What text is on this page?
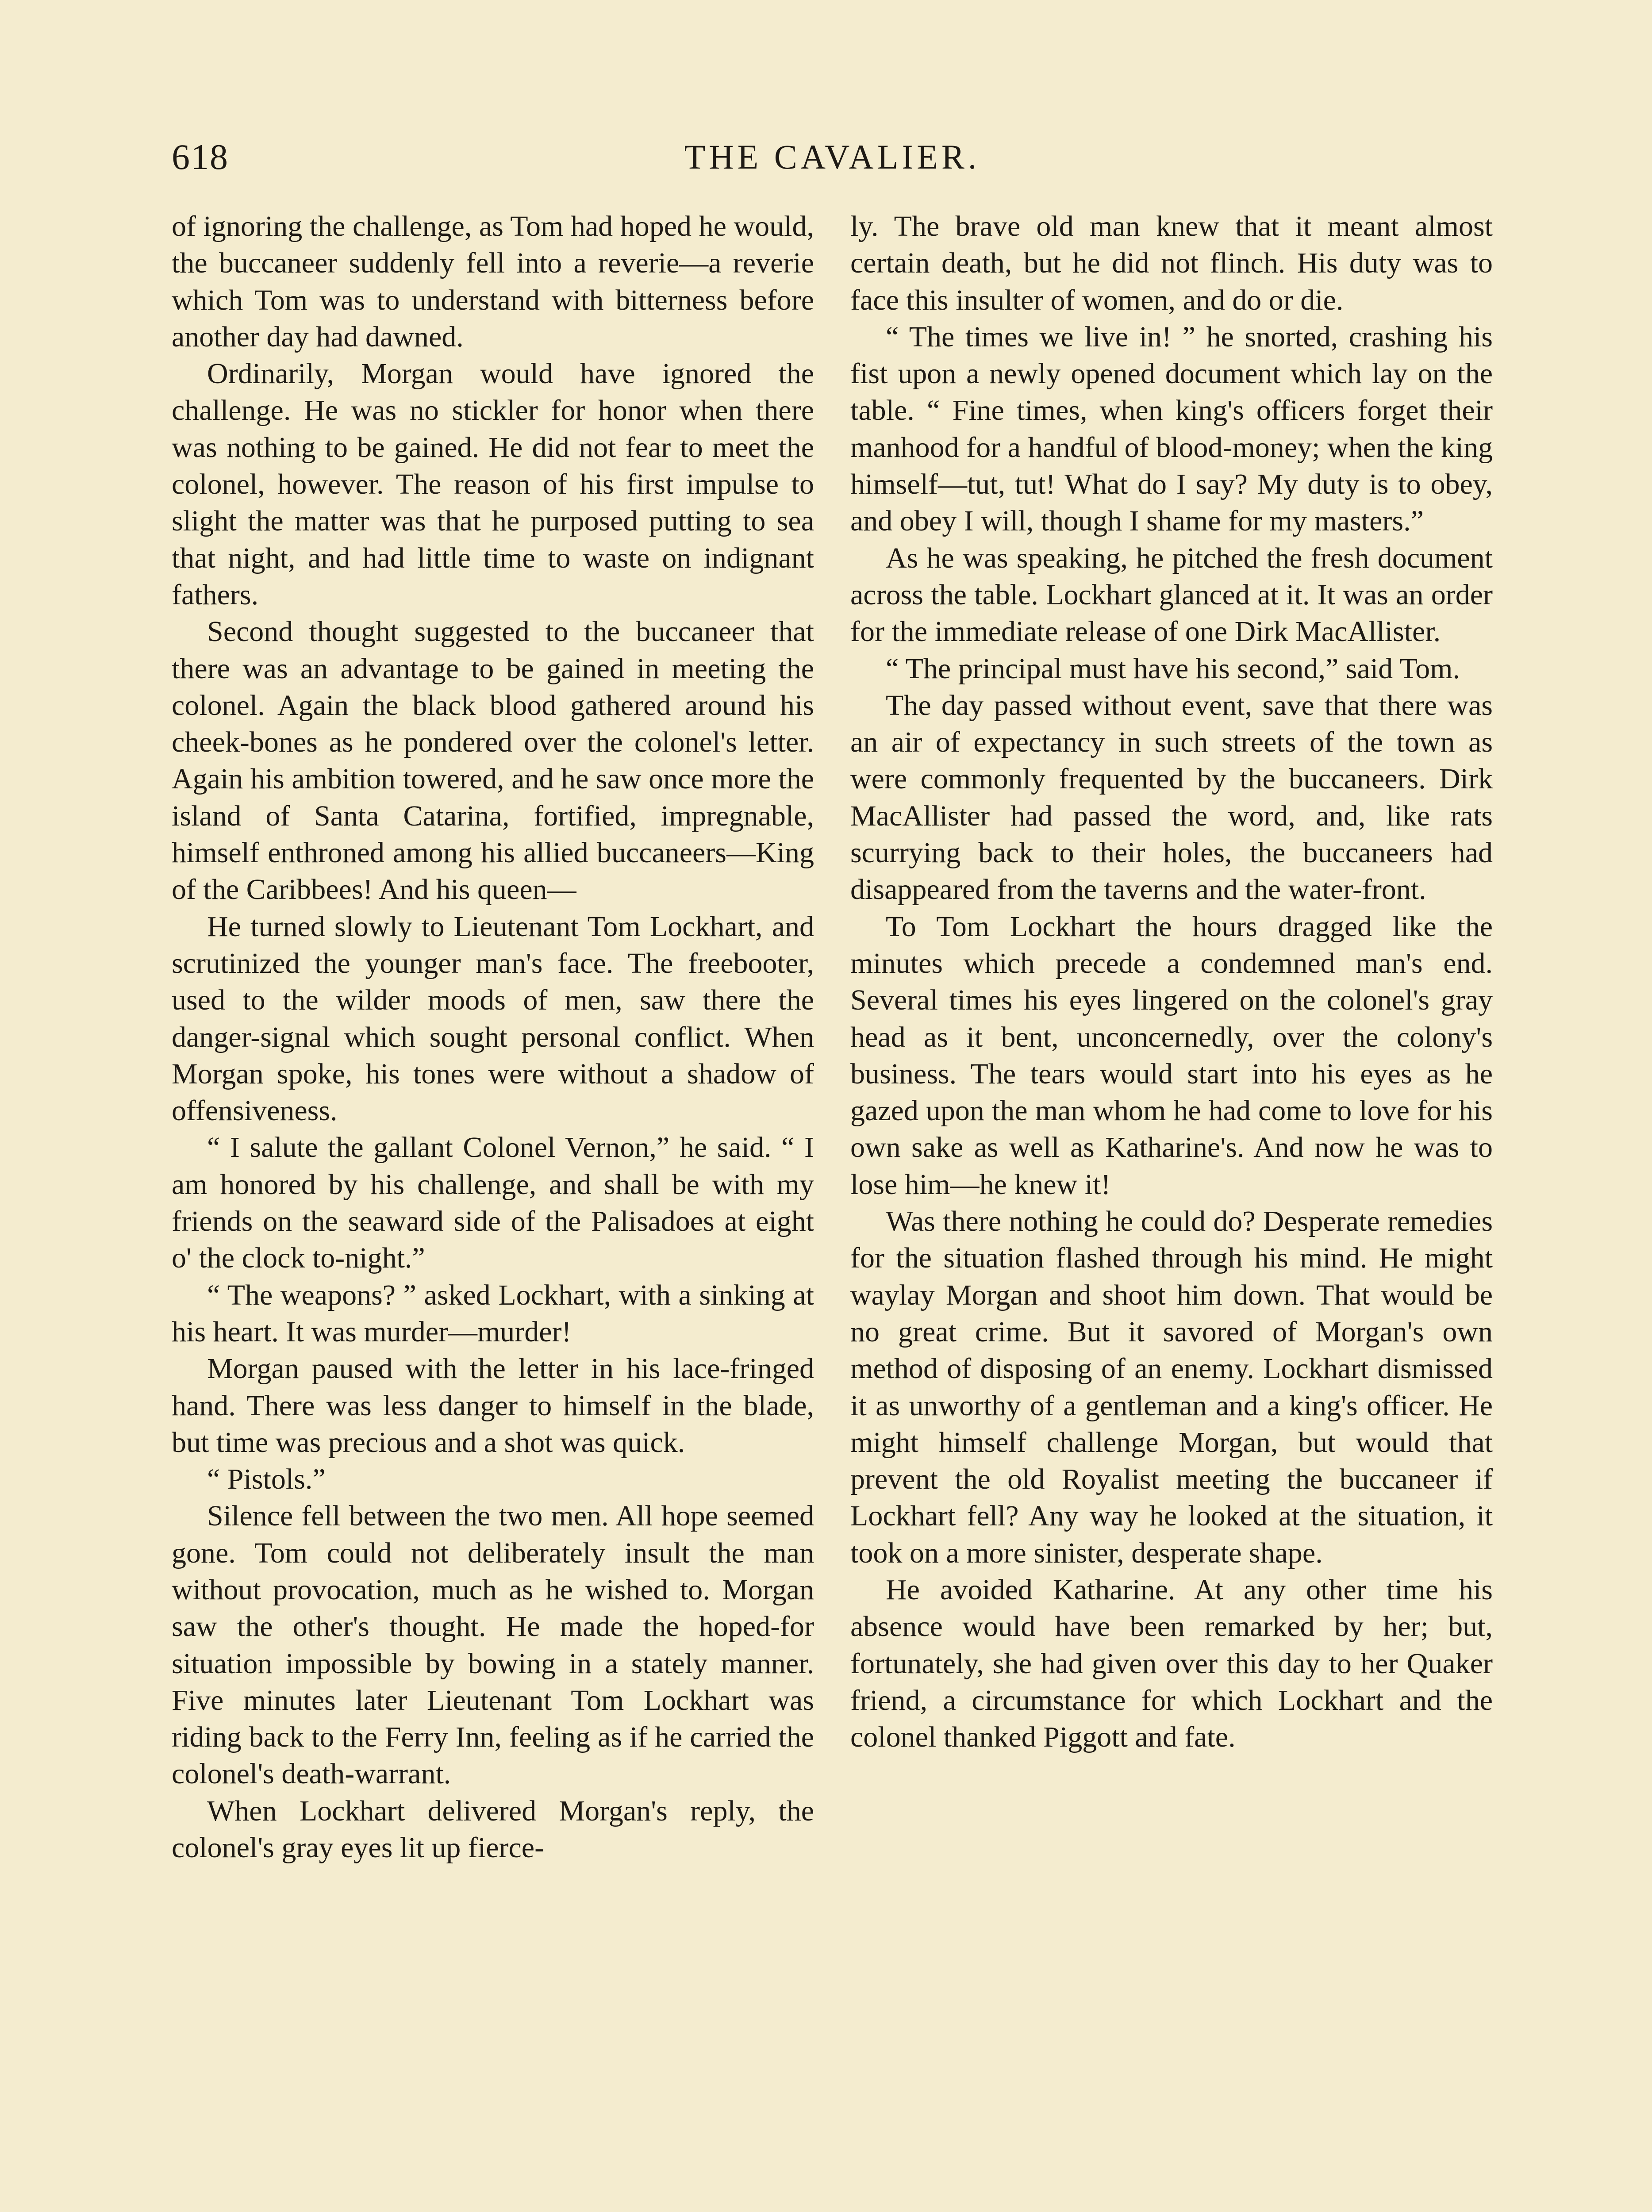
618	THE CAVALIER.

of ignoring the challenge, as Tom had hoped he would, the buccaneer suddenly fell into a reverie—a reverie which Tom was to understand with bitterness before another day had dawned.

Ordinarily, Morgan would have ignored the challenge. He was no stickler for honor when there was nothing to be gained. He did not fear to meet the colonel, however. The reason of his first impulse to slight the matter was that he purposed putting to sea that night, and had little time to waste on indignant fathers.

Second thought suggested to the buccaneer that there was an advantage to be gained in meeting the colonel. Again the black blood gathered around his cheek-bones as he pondered over the colonel's letter. Again his ambition towered, and he saw once more the island of Santa Catarina, fortified, impregnable, himself enthroned among his allied buccaneers—King of the Caribbees! And his queen—

He turned slowly to Lieutenant Tom Lockhart, and scrutinized the younger man's face. The freebooter, used to the wilder moods of men, saw there the danger-signal which sought personal conflict. When Morgan spoke, his tones were without a shadow of offensiveness.

“ I salute the gallant Colonel Vernon,” he said. “ I am honored by his challenge, and shall be with my friends on the seaward side of the Palisadoes at eight o' the clock to-night.”

“ The weapons? ” asked Lockhart, with a sinking at his heart. It was murder—murder!

Morgan paused with the letter in his lace-fringed hand. There was less danger to himself in the blade, but time was precious and a shot was quick.

“ Pistols.”

Silence fell between the two men. All hope seemed gone. Tom could not deliberately insult the man without provocation, much as he wished to. Morgan saw the other's thought. He made the hoped-for situation impossible by bowing in a stately manner. Five minutes later Lieutenant Tom Lockhart was riding back to the Ferry Inn, feeling as if he carried the colonel's death-warrant.

When Lockhart delivered Morgan's reply, the colonel's gray eyes lit up fierce-

ly. The brave old man knew that it meant almost certain death, but he did not flinch. His duty was to face this insulter of women, and do or die.

“ The times we live in! ” he snorted, crashing his fist upon a newly opened document which lay on the table. “ Fine times, when king's officers forget their manhood for a handful of blood-money; when the king himself—tut, tut! What do I say? My duty is to obey, and obey I will, though I shame for my masters.”

As he was speaking, he pitched the fresh document across the table. Lockhart glanced at it. It was an order for the immediate release of one Dirk MacAllister.

“ The principal must have his second,” said Tom.

The day passed without event, save that there was an air of expectancy in such streets of the town as were commonly frequented by the buccaneers. Dirk MacAllister had passed the word, and, like rats scurrying back to their holes, the buccaneers had disappeared from the taverns and the water-front.

To Tom Lockhart the hours dragged like the minutes which precede a condemned man's end. Several times his eyes lingered on the colonel's gray head as it bent, unconcernedly, over the colony's business. The tears would start into his eyes as he gazed upon the man whom he had come to love for his own sake as well as Katharine's. And now he was to lose him—he knew it!

Was there nothing he could do? Desperate remedies for the situation flashed through his mind. He might waylay Morgan and shoot him down. That would be no great crime. But it savored of Morgan's own method of disposing of an enemy. Lockhart dismissed it as unworthy of a gentleman and a king's officer. He might himself challenge Morgan, but would that prevent the old Royalist meeting the buccaneer if Lockhart fell? Any way he looked at the situation, it took on a more sinister, desperate shape.

He avoided Katharine. At any other time his absence would have been remarked by her; but, fortunately, she had given over this day to her Quaker friend, a circumstance for which Lockhart and the colonel thanked Piggott and fate.
